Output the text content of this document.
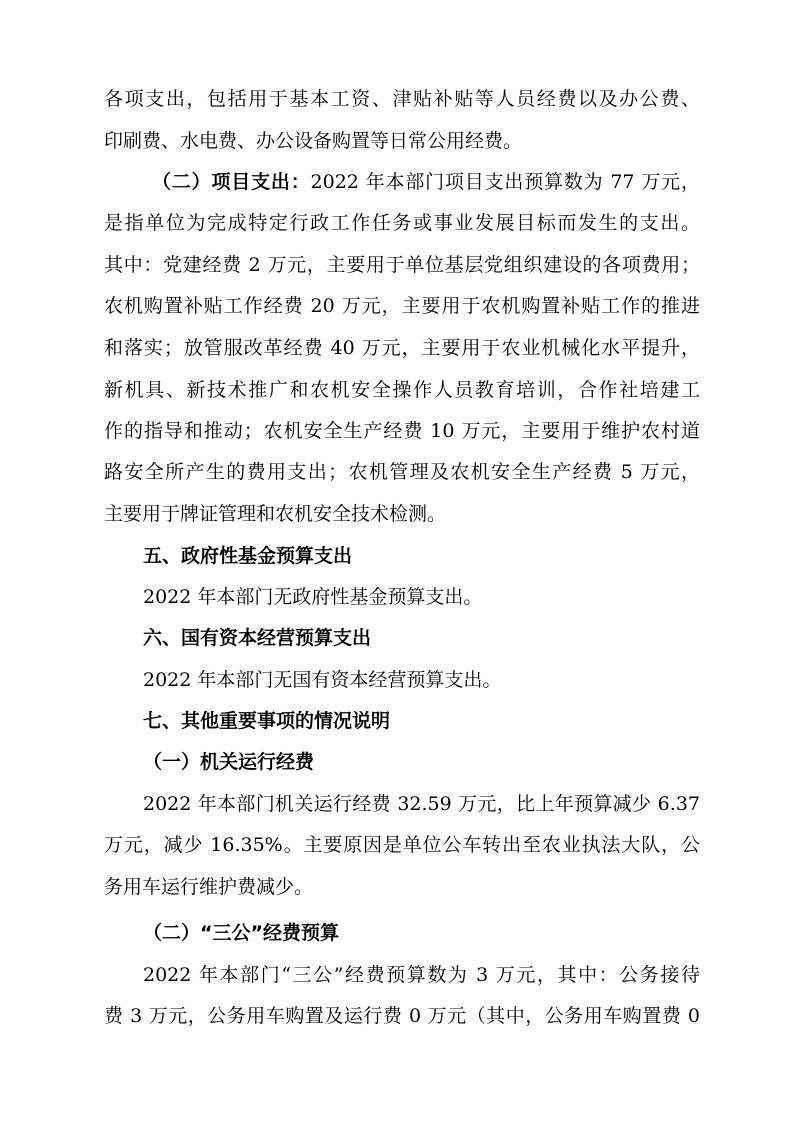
各项支出，包括用于基本工资、津贴补贴等人员经费以及办公费、
印刷费、水电费、办公设备购置等日常公用经费。
（二）项目支出：2022 年本部门项目支出预算数为 77 万元，
是指单位为完成特定行政工作任务或事业发展目标而发生的支出。
其中：党建经费 2 万元，主要用于单位基层党组织建设的各项费用；
农机购置补贴工作经费 20 万元，主要用于农机购置补贴工作的推进
和落实；放管服改革经费 40 万元，主要用于农业机械化水平提升，
新机具、新技术推广和农机安全操作人员教育培训，合作社培建工
作的指导和推动；农机安全生产经费 10 万元，主要用于维护农村道
路安全所产生的费用支出；农机管理及农机安全生产经费 5 万元，
主要用于牌证管理和农机安全技术检测。
五、政府性基金预算支出
2022 年本部门无政府性基金预算支出。
六、国有资本经营预算支出
2022 年本部门无国有资本经营预算支出。
七、其他重要事项的情况说明
（一）机关运行经费
2022 年本部门机关运行经费 32.59 万元，比上年预算减少 6.37
万元，减少 16.35%。主要原因是单位公车转出至农业执法大队，公
务用车运行维护费减少。
（二）“三公”经费预算
2022 年本部门“三公”经费预算数为 3 万元，其中：公务接待
费 3 万元，公务用车购置及运行费 0 万元（其中，公务用车购置费 0
